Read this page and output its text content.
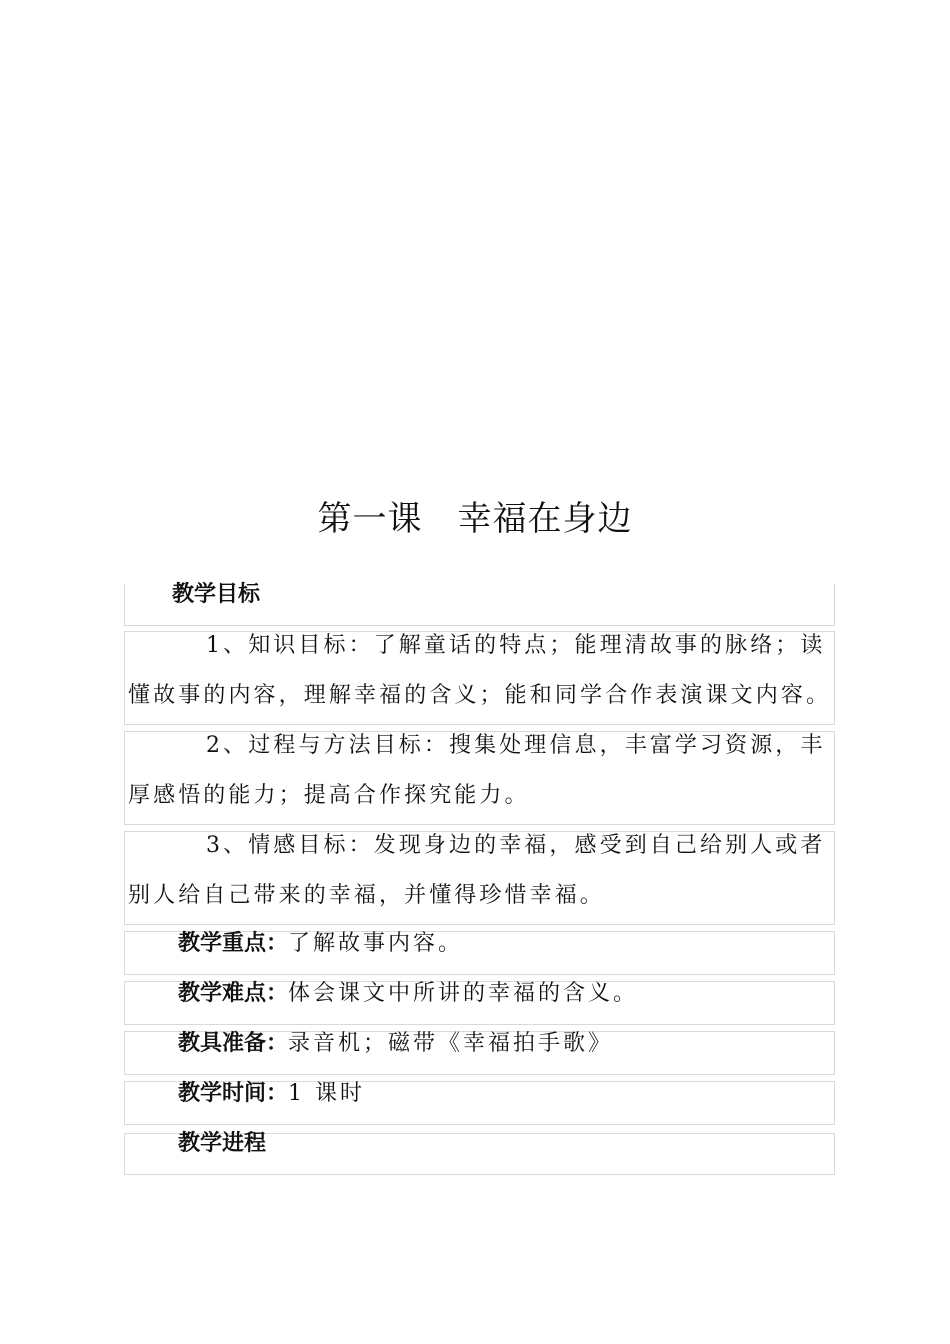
第一课　幸福在身边
教学目标
1、知识目标：了解童话的特点；能理清故事的脉络；读
懂故事的内容，理解幸福的含义；能和同学合作表演课文内容。
2、过程与方法目标：搜集处理信息，丰富学习资源，丰
厚感悟的能力；提高合作探究能力。
3、情感目标：发现身边的幸福，感受到自己给别人或者
别人给自己带来的幸福，并懂得珍惜幸福。
教学重点：了解故事内容。
教学难点：体会课文中所讲的幸福的含义。
教具准备：录音机；磁带《幸福拍手歌》
教学时间：1 课时
教学进程
